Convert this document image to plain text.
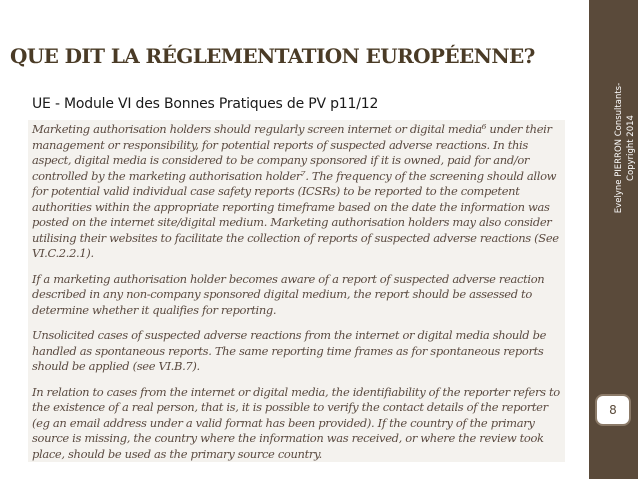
QUE DIT LA RÉGLEMENTATION EUROPÉENNE?
UE - Module VI des Bonnes Pratiques de PV p11/12

Marketing authorisation holders should regularly screen internet or digital media⁶ under their management or responsibility, for potential reports of suspected adverse reactions. In this aspect, digital media is considered to be company sponsored if it is owned, paid for and/or controlled by the marketing authorisation holder⁷. The frequency of the screening should allow for potential valid individual case safety reports (ICSRs) to be reported to the competent authorities within the appropriate reporting timeframe based on the date the information was posted on the internet site/digital medium. Marketing authorisation holders may also consider utilising their websites to facilitate the collection of reports of suspected adverse reactions (See VI.C.2.2.1).

If a marketing authorisation holder becomes aware of a report of suspected adverse reaction described in any non-company sponsored digital medium, the report should be assessed to determine whether it qualifies for reporting.

Unsolicited cases of suspected adverse reactions from the internet or digital media should be handled as spontaneous reports. The same reporting time frames as for spontaneous reports should be applied (see VI.B.7).

In relation to cases from the internet or digital media, the identifiability of the reporter refers to the existence of a real person, that is, it is possible to verify the contact details of the reporter (eg an email address under a valid format has been provided). If the country of the primary source is missing, the country where the information was received, or where the review took place, should be used as the primary source country.

Evelyne PIERRON Consultants-
Copyright 2014
8
